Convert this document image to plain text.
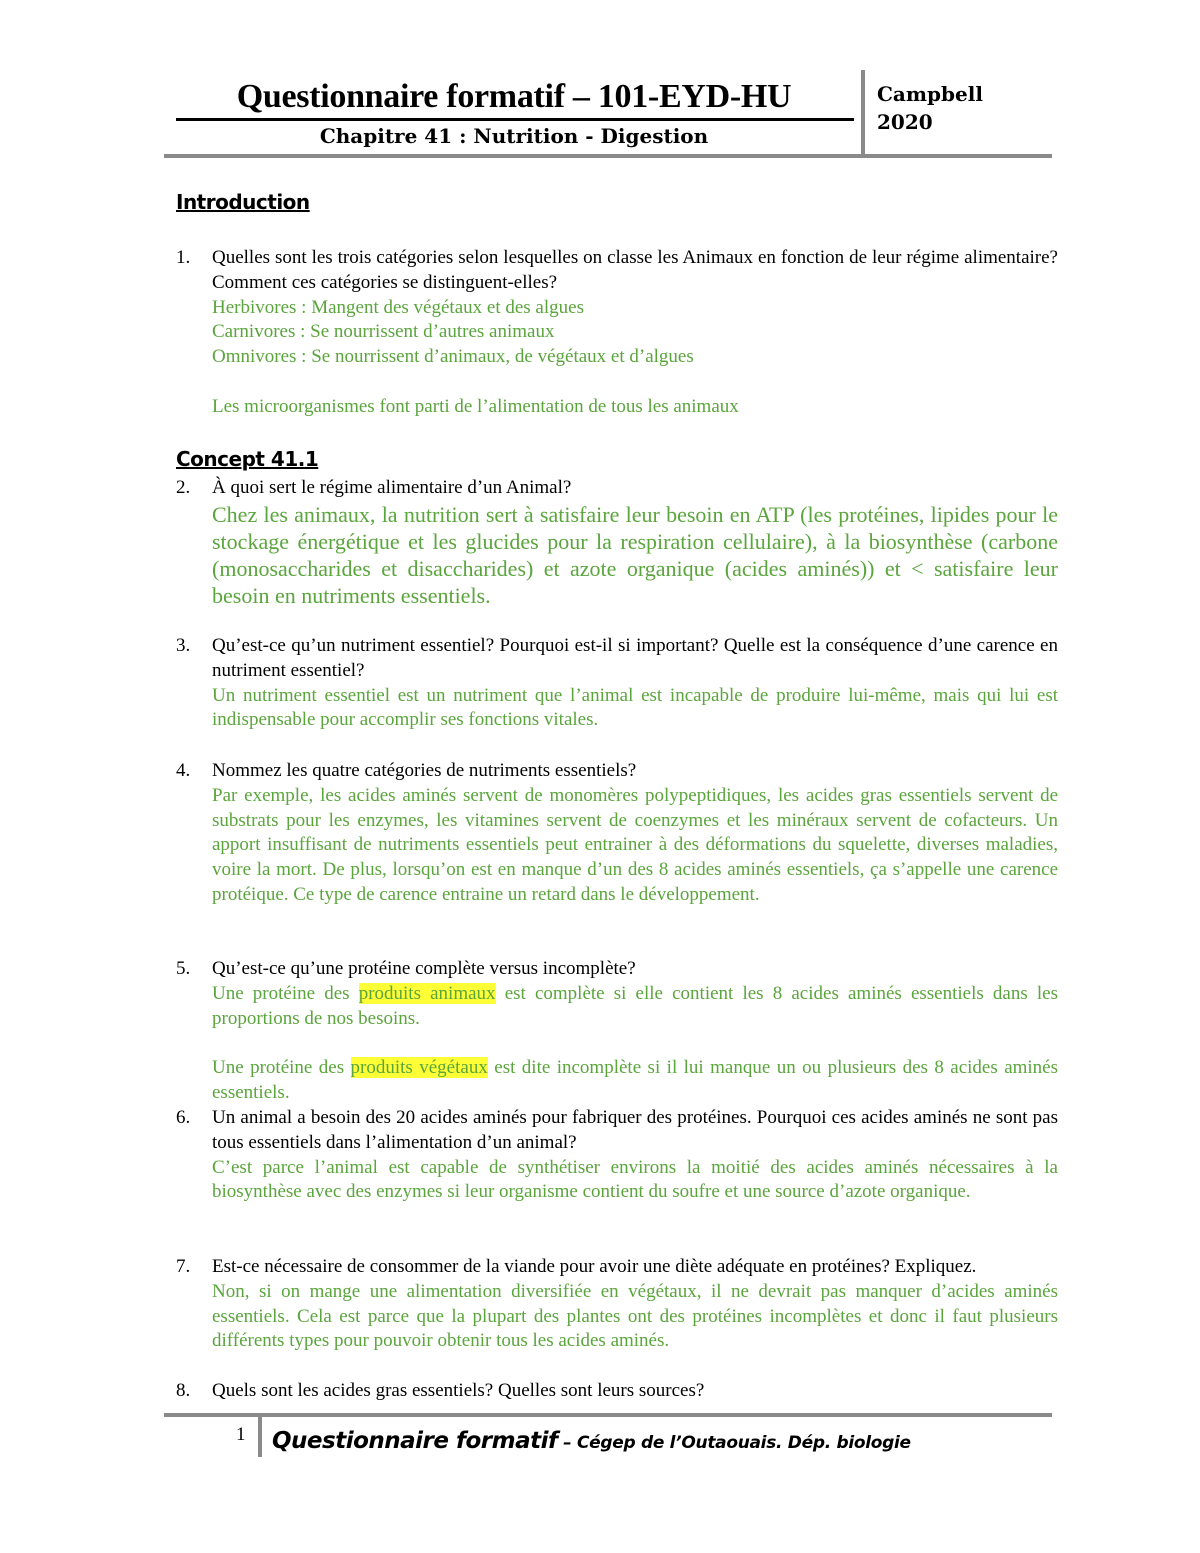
Questionnaire formatif – 101-EYD-HU
Chapitre 41 : Nutrition - Digestion
Campbell
2020
Introduction
1. Quelles sont les trois catégories selon lesquelles on classe les Animaux en fonction de leur régime alimentaire? Comment ces catégories se distinguent-elles?
Herbivores : Mangent des végétaux et des algues
Carnivores : Se nourrissent d’autres animaux
Omnivores : Se nourrissent d’animaux, de végétaux et d’algues
Les microorganismes font parti de l’alimentation de tous les animaux
Concept 41.1
2. À quoi sert le régime alimentaire d’un Animal?
Chez les animaux, la nutrition sert à satisfaire leur besoin en ATP (les protéines, lipides pour le stockage énergétique et les glucides pour la respiration cellulaire), à la biosynthèse (carbone (monosaccharides et disaccharides) et azote organique (acides aminés)) et < satisfaire leur besoin en nutriments essentiels.
3. Qu’est-ce qu’un nutriment essentiel? Pourquoi est-il si important? Quelle est la conséquence d’une carence en nutriment essentiel?
Un nutriment essentiel est un nutriment que l’animal est incapable de produire lui-même, mais qui lui est indispensable pour accomplir ses fonctions vitales.
4. Nommez les quatre catégories de nutriments essentiels?
Par exemple, les acides aminés servent de monomères polypeptidiques, les acides gras essentiels servent de substrats pour les enzymes, les vitamines servent de coenzymes et les minéraux servent de cofacteurs. Un apport insuffisant de nutriments essentiels peut entrainer à des déformations du squelette, diverses maladies, voire la mort. De plus, lorsqu’on est en manque d’un des 8 acides aminés essentiels, ça s’appelle une carence protéique. Ce type de carence entraine un retard dans le développement.
5. Qu’est-ce qu’une protéine complète versus incomplète?
Une protéine des produits animaux est complète si elle contient les 8 acides aminés essentiels dans les proportions de nos besoins.
Une protéine des produits végétaux est dite incomplète si il lui manque un ou plusieurs des 8 acides aminés essentiels.
6. Un animal a besoin des 20 acides aminés pour fabriquer des protéines. Pourquoi ces acides aminés ne sont pas tous essentiels dans l’alimentation d’un animal?
C’est parce l’animal est capable de synthétiser environs la moitié des acides aminés nécessaires à la biosynthèse avec des enzymes si leur organisme contient du soufre et une source d’azote organique.
7. Est-ce nécessaire de consommer de la viande pour avoir une diète adéquate en protéines? Expliquez.
Non, si on mange une alimentation diversifiée en végétaux, il ne devrait pas manquer d’acides aminés essentiels. Cela est parce que la plupart des plantes ont des protéines incomplètes et donc il faut plusieurs différents types pour pouvoir obtenir tous les acides aminés.
8. Quels sont les acides gras essentiels? Quelles sont leurs sources?
1 Questionnaire formatif – Cégep de l’Outaouais. Dép. biologie
